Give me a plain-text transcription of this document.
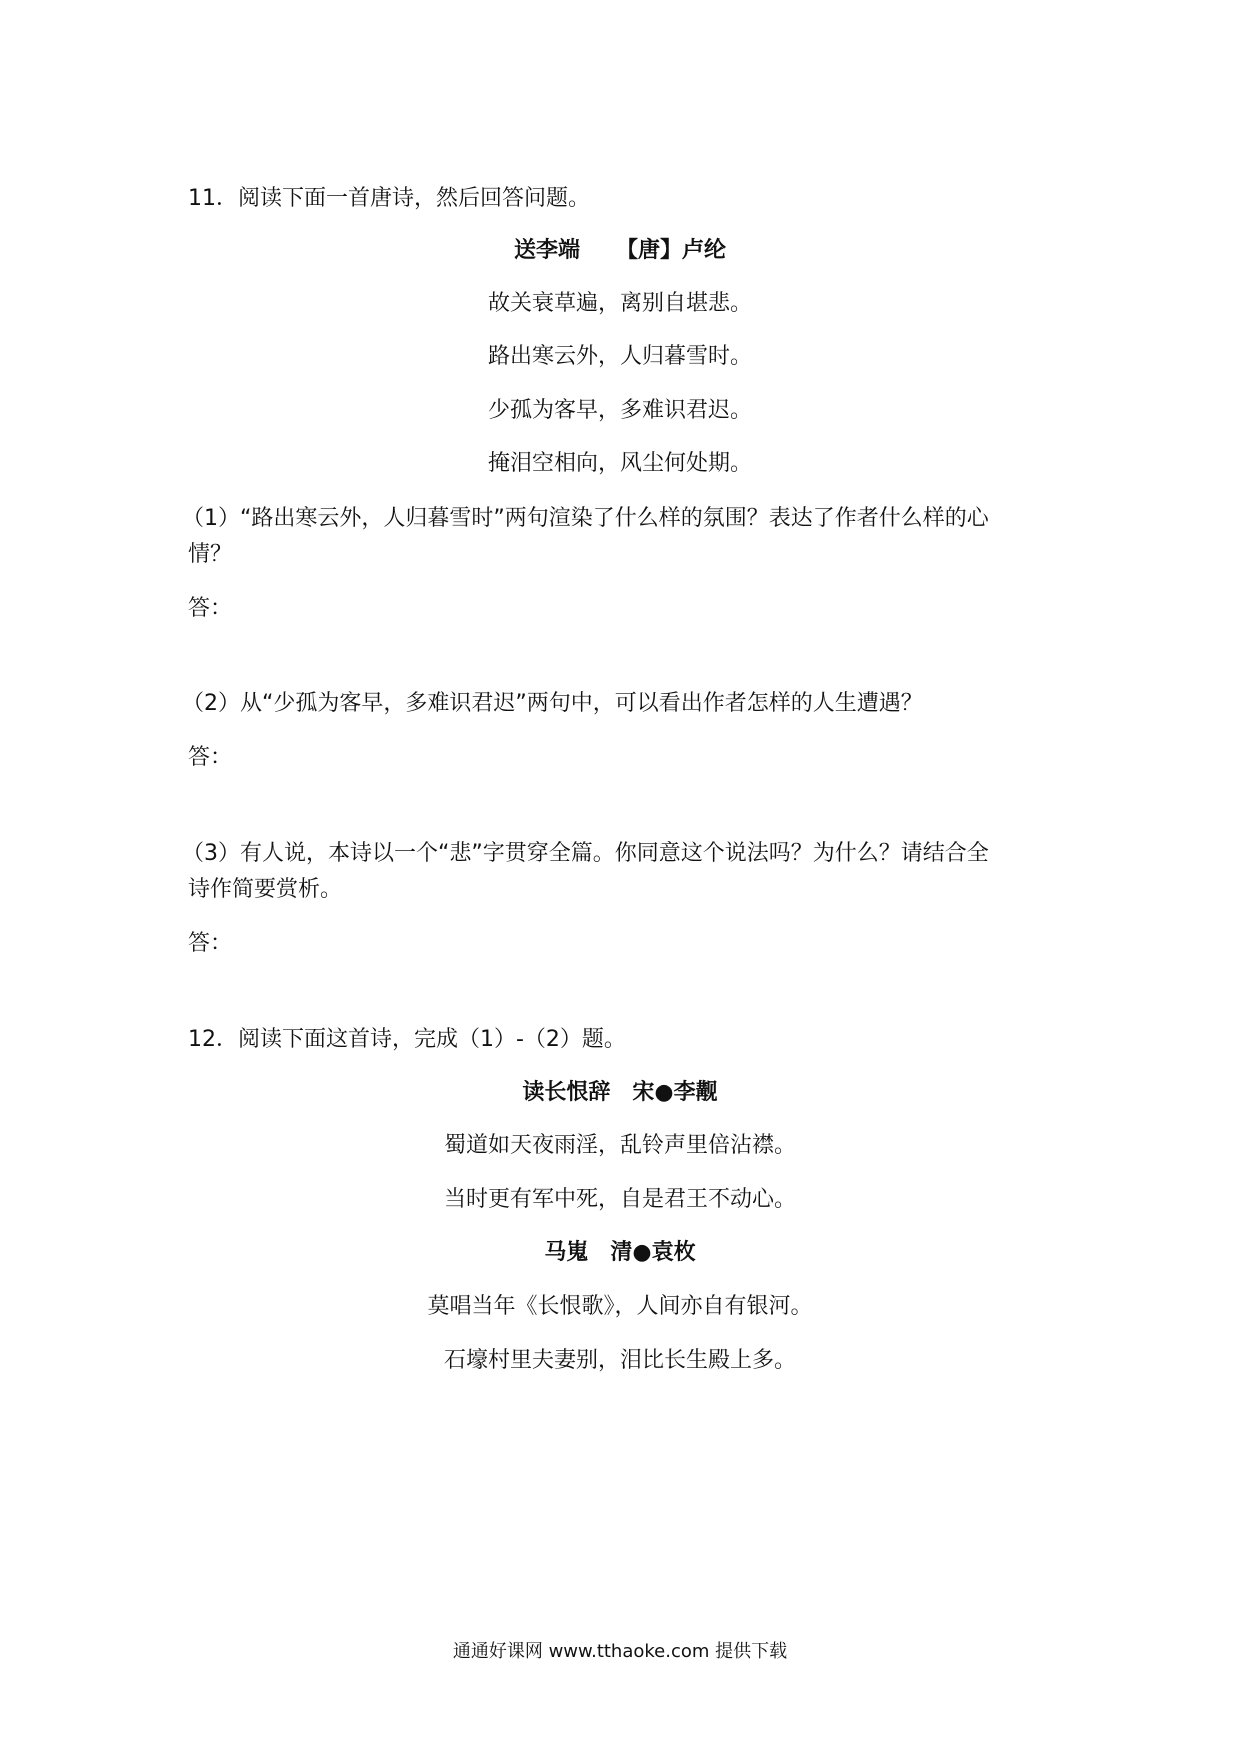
11．阅读下面一首唐诗，然后回答问题。
送李端 【唐】卢纶
故关衰草遍，离别自堪悲。
路出寒云外，人归暮雪时。
少孤为客早，多难识君迟。
掩泪空相向，风尘何处期。
（1）“路出寒云外，人归暮雪时”两句渲染了什么样的氛围？表达了作者什么样的心
情？
答：
（2）从“少孤为客早，多难识君迟”两句中，可以看出作者怎样的人生遭遇？
答：
（3）有人说，本诗以一个“悲”字贯穿全篇。你同意这个说法吗？为什么？请结合全
诗作简要赏析。
答：
12．阅读下面这首诗，完成（1）-（2）题。
读长恨辞 宋●李觏
蜀道如天夜雨淫，乱铃声里倍沾襟。
当时更有军中死，自是君王不动心。
马嵬 清●袁枚
莫唱当年《长恨歌》，人间亦自有银河。
石壕村里夫妻别，泪比长生殿上多。
通通好课网 www.tthaoke.com 提供下载
